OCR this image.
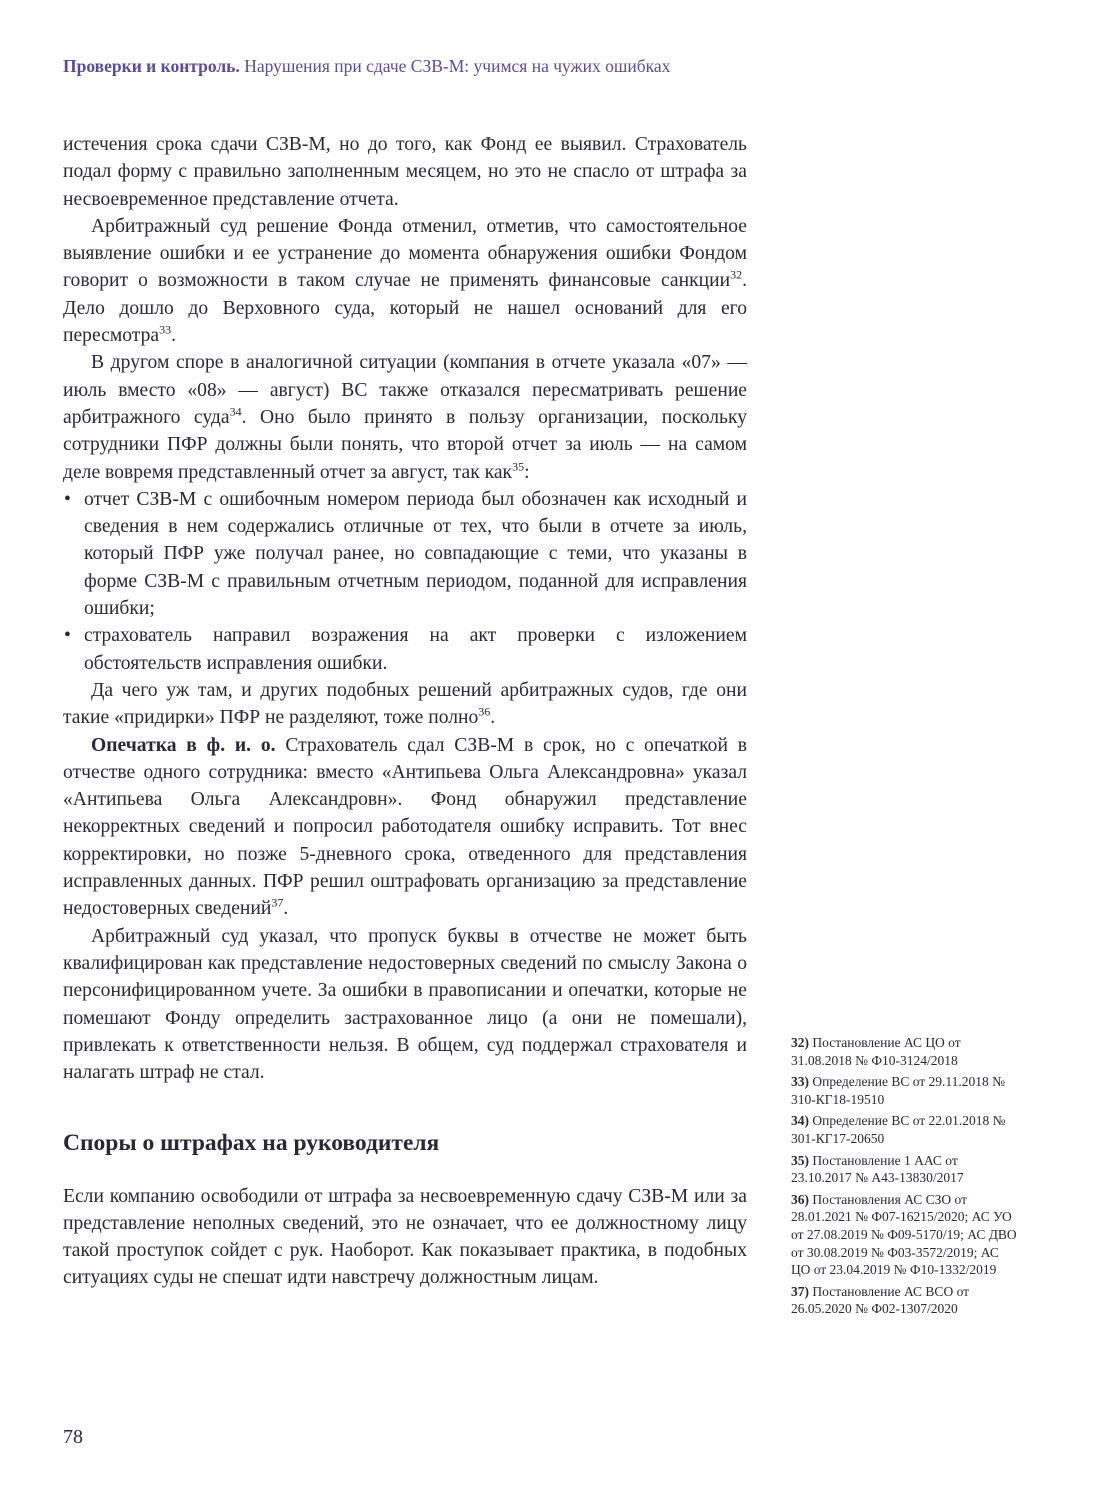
Проверки и контроль. Нарушения при сдаче СЗВ-М: учимся на чужих ошибках

истечения срока сдачи СЗВ-М, но до того, как Фонд ее выявил. Страхователь подал форму с правильно заполненным месяцем, но это не спасло от штрафа за несвоевременное представление отчета.

Арбитражный суд решение Фонда отменил, отметив, что самостоятельное выявление ошибки и ее устранение до момента обнаружения ошибки Фондом говорит о возможности в таком случае не применять финансовые санкции$^{32}$. Дело дошло до Верховного суда, который не нашел оснований для его пересмотра$^{33}$.

В другом споре в аналогичной ситуации (компания в отчете указала «07» — июль вместо «08» — август) ВС также отказался пересматривать решение арбитражного суда$^{34}$. Оно было принято в пользу организации, поскольку сотрудники ПФР должны были понять, что второй отчет за июль — на самом деле вовремя представленный отчет за август, так как$^{35}$:

• отчет СЗВ-М с ошибочным номером периода был обозначен как исходный и сведения в нем содержались отличные от тех, что были в отчете за июль, который ПФР уже получал ранее, но совпадающие с теми, что указаны в форме СЗВ-М с правильным отчетным периодом, поданной для исправления ошибки;
• страхователь направил возражения на акт проверки с изложением обстоятельств исправления ошибки.

Да чего уж там, и других подобных решений арбитражных судов, где они такие «придирки» ПФР не разделяют, тоже полно$^{36}$.

Опечатка в ф. и. о. Страхователь сдал СЗВ-М в срок, но с опечаткой в отчестве одного сотрудника: вместо «Антипьева Ольга Александровна» указал «Антипьева Ольга Александровн». Фонд обнаружил представление некорректных сведений и попросил работодателя ошибку исправить. Тот внес корректировки, но позже 5-дневного срока, отведенного для представления исправленных данных. ПФР решил оштрафовать организацию за представление недостоверных сведений$^{37}$.

Арбитражный суд указал, что пропуск буквы в отчестве не может быть квалифицирован как представление недостоверных сведений по смыслу Закона о персонифицированном учете. За ошибки в правописании и опечатки, которые не помешают Фонду определить застрахованное лицо (а они не помешали), привлекать к ответственности нельзя. В общем, суд поддержал страхователя и налагать штраф не стал.

Споры о штрафах на руководителя

Если компанию освободили от штрафа за несвоевременную сдачу СЗВ-М или за представление неполных сведений, это не означает, что ее должностному лицу такой проступок сойдет с рук. Наоборот. Как показывает практика, в подобных ситуациях суды не спешат идти навстречу должностным лицам.

32) Постановление АС ЦО от 31.08.2018 № Ф10-3124/2018

33) Определение ВС от 29.11.2018 № 310-КГ18-19510

34) Определение ВС от 22.01.2018 № 301-КГ17-20650

35) Постановление 1 ААС от 23.10.2017 № А43-13830/2017

36) Постановления АС СЗО от 28.01.2021 № Ф07-16215/2020; АС УО от 27.08.2019 № Ф09-5170/19; АС ДВО от 30.08.2019 № Ф03-3572/2019; АС ЦО от 23.04.2019 № Ф10-1332/2019

37) Постановление АС ВСО от 26.05.2020 № Ф02-1307/2020

78
